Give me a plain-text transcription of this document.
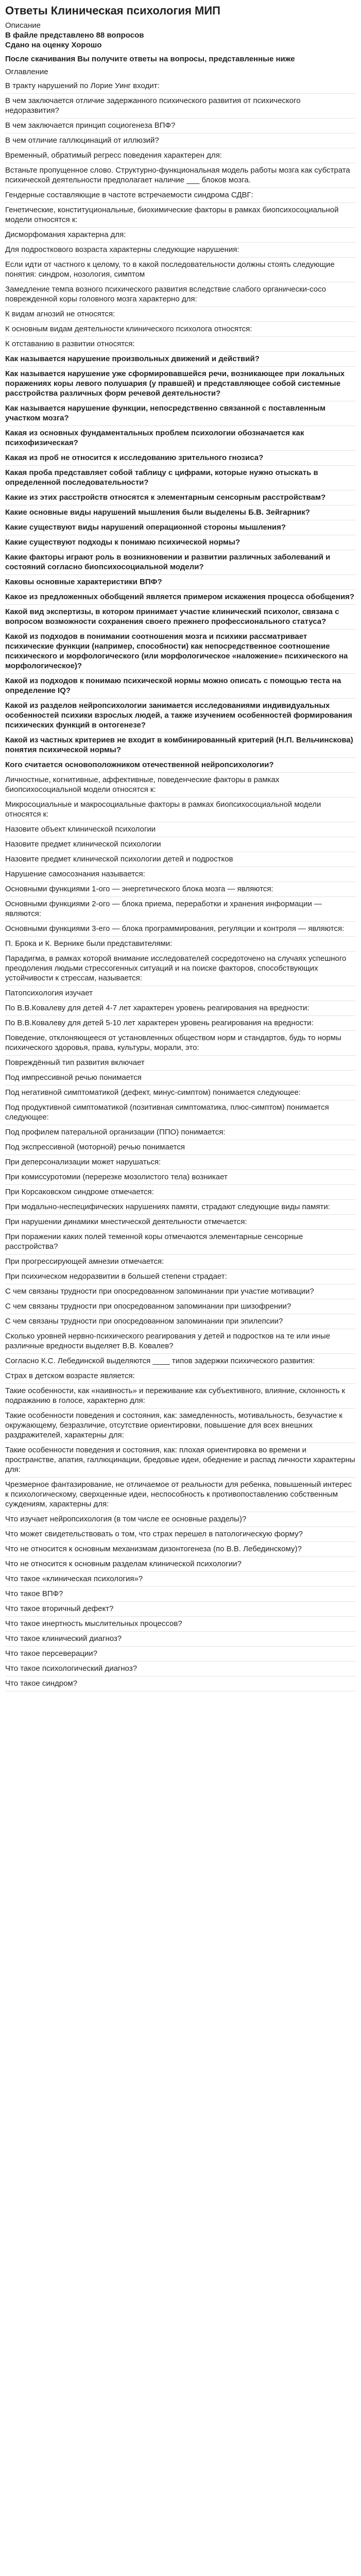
Ответы Клиническая психология МИП
Описание
В файле представлено 88 вопросов
Сдано на оценку Хорошо
После скачивания Вы получите ответы на вопросы, представленные ниже
Оглавление
В тракту нарушений по Лорие Уинг входит:
В чем заключается отличие задержанного психического развития от психического недоразвития?
В чем заключается принцип социогенеза ВПФ?
В чем отличие галлюцинаций от иллюзий?
Временный, обратимый регресс поведения характерен для:
Встаньте пропущенное слово. Структурно-функциональная модель работы мозга как субстрата психической деятельности предполагает наличие ___ блоков мозга.
Гендерные составляющие в частоте встречаемости синдрома СДВГ:
Генетические, конституциональные, биохимические факторы в рамках биопсихосоциальной модели относятся к:
Дисморфомания характерна для:
Для подросткового возраста характерны следующие нарушения:
Если идти от частного к целому, то в какой последовательности должны стоять следующие понятия: синдром, нозология, симптом
Замедление темпа возного психического развития вследствие слабого органически-сосо поврежденной коры головного мозга характерно для:
К видам агнозий не относятся:
К основным видам деятельности клинического психолога относятся:
К отставанию в развитии относятся:
Как называется нарушение произвольных движений и действий?
Как называется нарушение уже сформировавшейся речи, возникающее при локальных поражениях коры левого полушария (у правшей) и представляющее собой системные расстройства различных форм речевой деятельности?
Как называется нарушение функции, непосредственно связанной с поставленным участком мозга?
Какая из основных фундаментальных проблем психологии обозначается как психофизическая?
Какая из проб не относится к исследованию зрительного гнозиса?
Какая проба представляет собой таблицу с цифрами, которые нужно отыскать в определенной последовательности?
Какие из этих расстройств относятся к элементарным сенсорным расстройствам?
Какие основные виды нарушений мышления были выделены Б.В. Зейгарник?
Какие существуют виды нарушений операционной стороны мышления?
Какие существуют подходы к понимаю психической нормы?
Какие факторы играют роль в возникновении и развитии различных заболеваний и состояний согласно биопсихосоциальной модели?
Каковы основные характеристики ВПФ?
Какое из предложенных обобщений является примером искажения процесса обобщения?
Какой вид экспертизы, в котором принимает участие клинический психолог, связана с вопросом возможности сохранения своего прежнего профессионального статуса?
Какой из подходов в понимании соотношения мозга и психики рассматривает психические функции (например, способности) как непосредственное соотношение психического и морфологического (или морфологическое «наложение» психического на морфологическое)?
Какой из подходов к понимаю психической нормы можно описать с помощью теста на определение IQ?
Какой из разделов нейропсихологии занимается исследованиями индивидуальных особенностей психики взрослых людей, а также изучением особенностей формирования психических функций в онтогенезе?
Какой из частных критериев не входит в комбинированный критерий (Н.П. Вельчинскова) понятия психической нормы?
Кого считается основоположником отечественной нейропсихологии?
Личностные, когнитивные, аффективные, поведенческие факторы в рамках биопсихосоциальной модели относятся к:
Микросоциальные и макросоциальные факторы в рамках биопсихосоциальной модели относятся к:
Назовите объект клинической психологии
Назовите предмет клинической психологии
Назовите предмет клинической психологии детей и подростков
Нарушение самосознания называется:
Основными функциями 1-ого — энергетического блока мозга — являются:
Основными функциями 2-ого — блока приема, переработки и хранения информации — являются:
Основными функциями 3-его — блока программирования, регуляции и контроля — являются:
П. Брока и К. Вернике были представителями:
Парадигма, в рамках которой внимание исследователей сосредоточено на случаях успешного преодоления людьми стрессогенных ситуаций и на поиске факторов, способствующих устойчивости к стрессам, называется:
Патопсихология изучает
По В.В.Ковалеву для детей 4-7 лет характерен уровень реагирования на вредности:
По В.В.Ковалеву для детей 5-10 лет характерен уровень реагирования на вредности:
Поведение, отклоняющееся от установленных обществом норм и стандартов, будь то нормы психического здоровья, права, культуры, морали, это:
Повреждённый тип развития включает
Под импрессивной речью понимается
Под негативной симптоматикой (дефект, минус-симптом) понимается следующее:
Под продуктивной симптоматикой (позитивная симптоматика, плюс-симптом) понимается следующее:
Под профилем патеральной организации (ППО) понимается:
Под экспрессивной (моторной) речью понимается
При деперсонализации может нарушаться:
При комиссуротомии (перерезке мозолистого тела) возникает
При Корсаковском синдроме отмечается:
При модально-неспецифических нарушениях памяти, страдают следующие виды памяти:
При нарушении динамики мнестической деятельности отмечается:
При поражении каких полей теменной коры отмечаются элементарные сенсорные расстройства?
При прогрессирующей амнезии отмечается:
При психическом недоразвитии в большей степени страдает:
С чем связаны трудности при опосредованном запоминании при участие мотивации?
С чем связаны трудности при опосредованном запоминании при шизофрении?
С чем связаны трудности при опосредованном запоминании при эпилепсии?
Сколько уровней нервно-психического реагирования у детей и подростков на те или иные различные вредности выделяет В.В. Ковалев?
Согласно К.С. Лебединской выделяются ____ типов задержки психического развития:
Страх в детском возрасте является:
Такие особенности, как «наивность» и переживание как субъективного, влияние, склонность к подражанию в голосе, характерно для:
Такие особенности поведения и состояния, как: замедленность, мотивальность, безучастие к окружающему, безразличие, отсутствие ориентировки, повышение для всех внешних раздражителей, характерны для:
Такие особенности поведения и состояния, как: плохая ориентировка во времени и пространстве, апатия, галлюцинации, бредовые идеи, обеднение и распад личности характерны для:
Чрезмерное фантазирование, не отличаемое от реальности для ребенка, повышенный интерес к психологическому, сверхценные идеи, неспособность к противопоставлению собственным суждениям, характерны для:
Что изучает нейропсихология (в том числе ее основные разделы)?
Что может свидетельствовать о том, что страх перешел в патологическую форму?
Что не относится к основным механизмам дизонтогенеза (по В.В. Лебединскому)?
Что не относится к основным разделам клинической психологии?
Что такое «клиническая психология»?
Что такое ВПФ?
Что такое вторичный дефект?
Что такое инертность мыслительных процессов?
Что такое клинический диагноз?
Что такое персеверации?
Что такое психологический диагноз?
Что такое синдром?
